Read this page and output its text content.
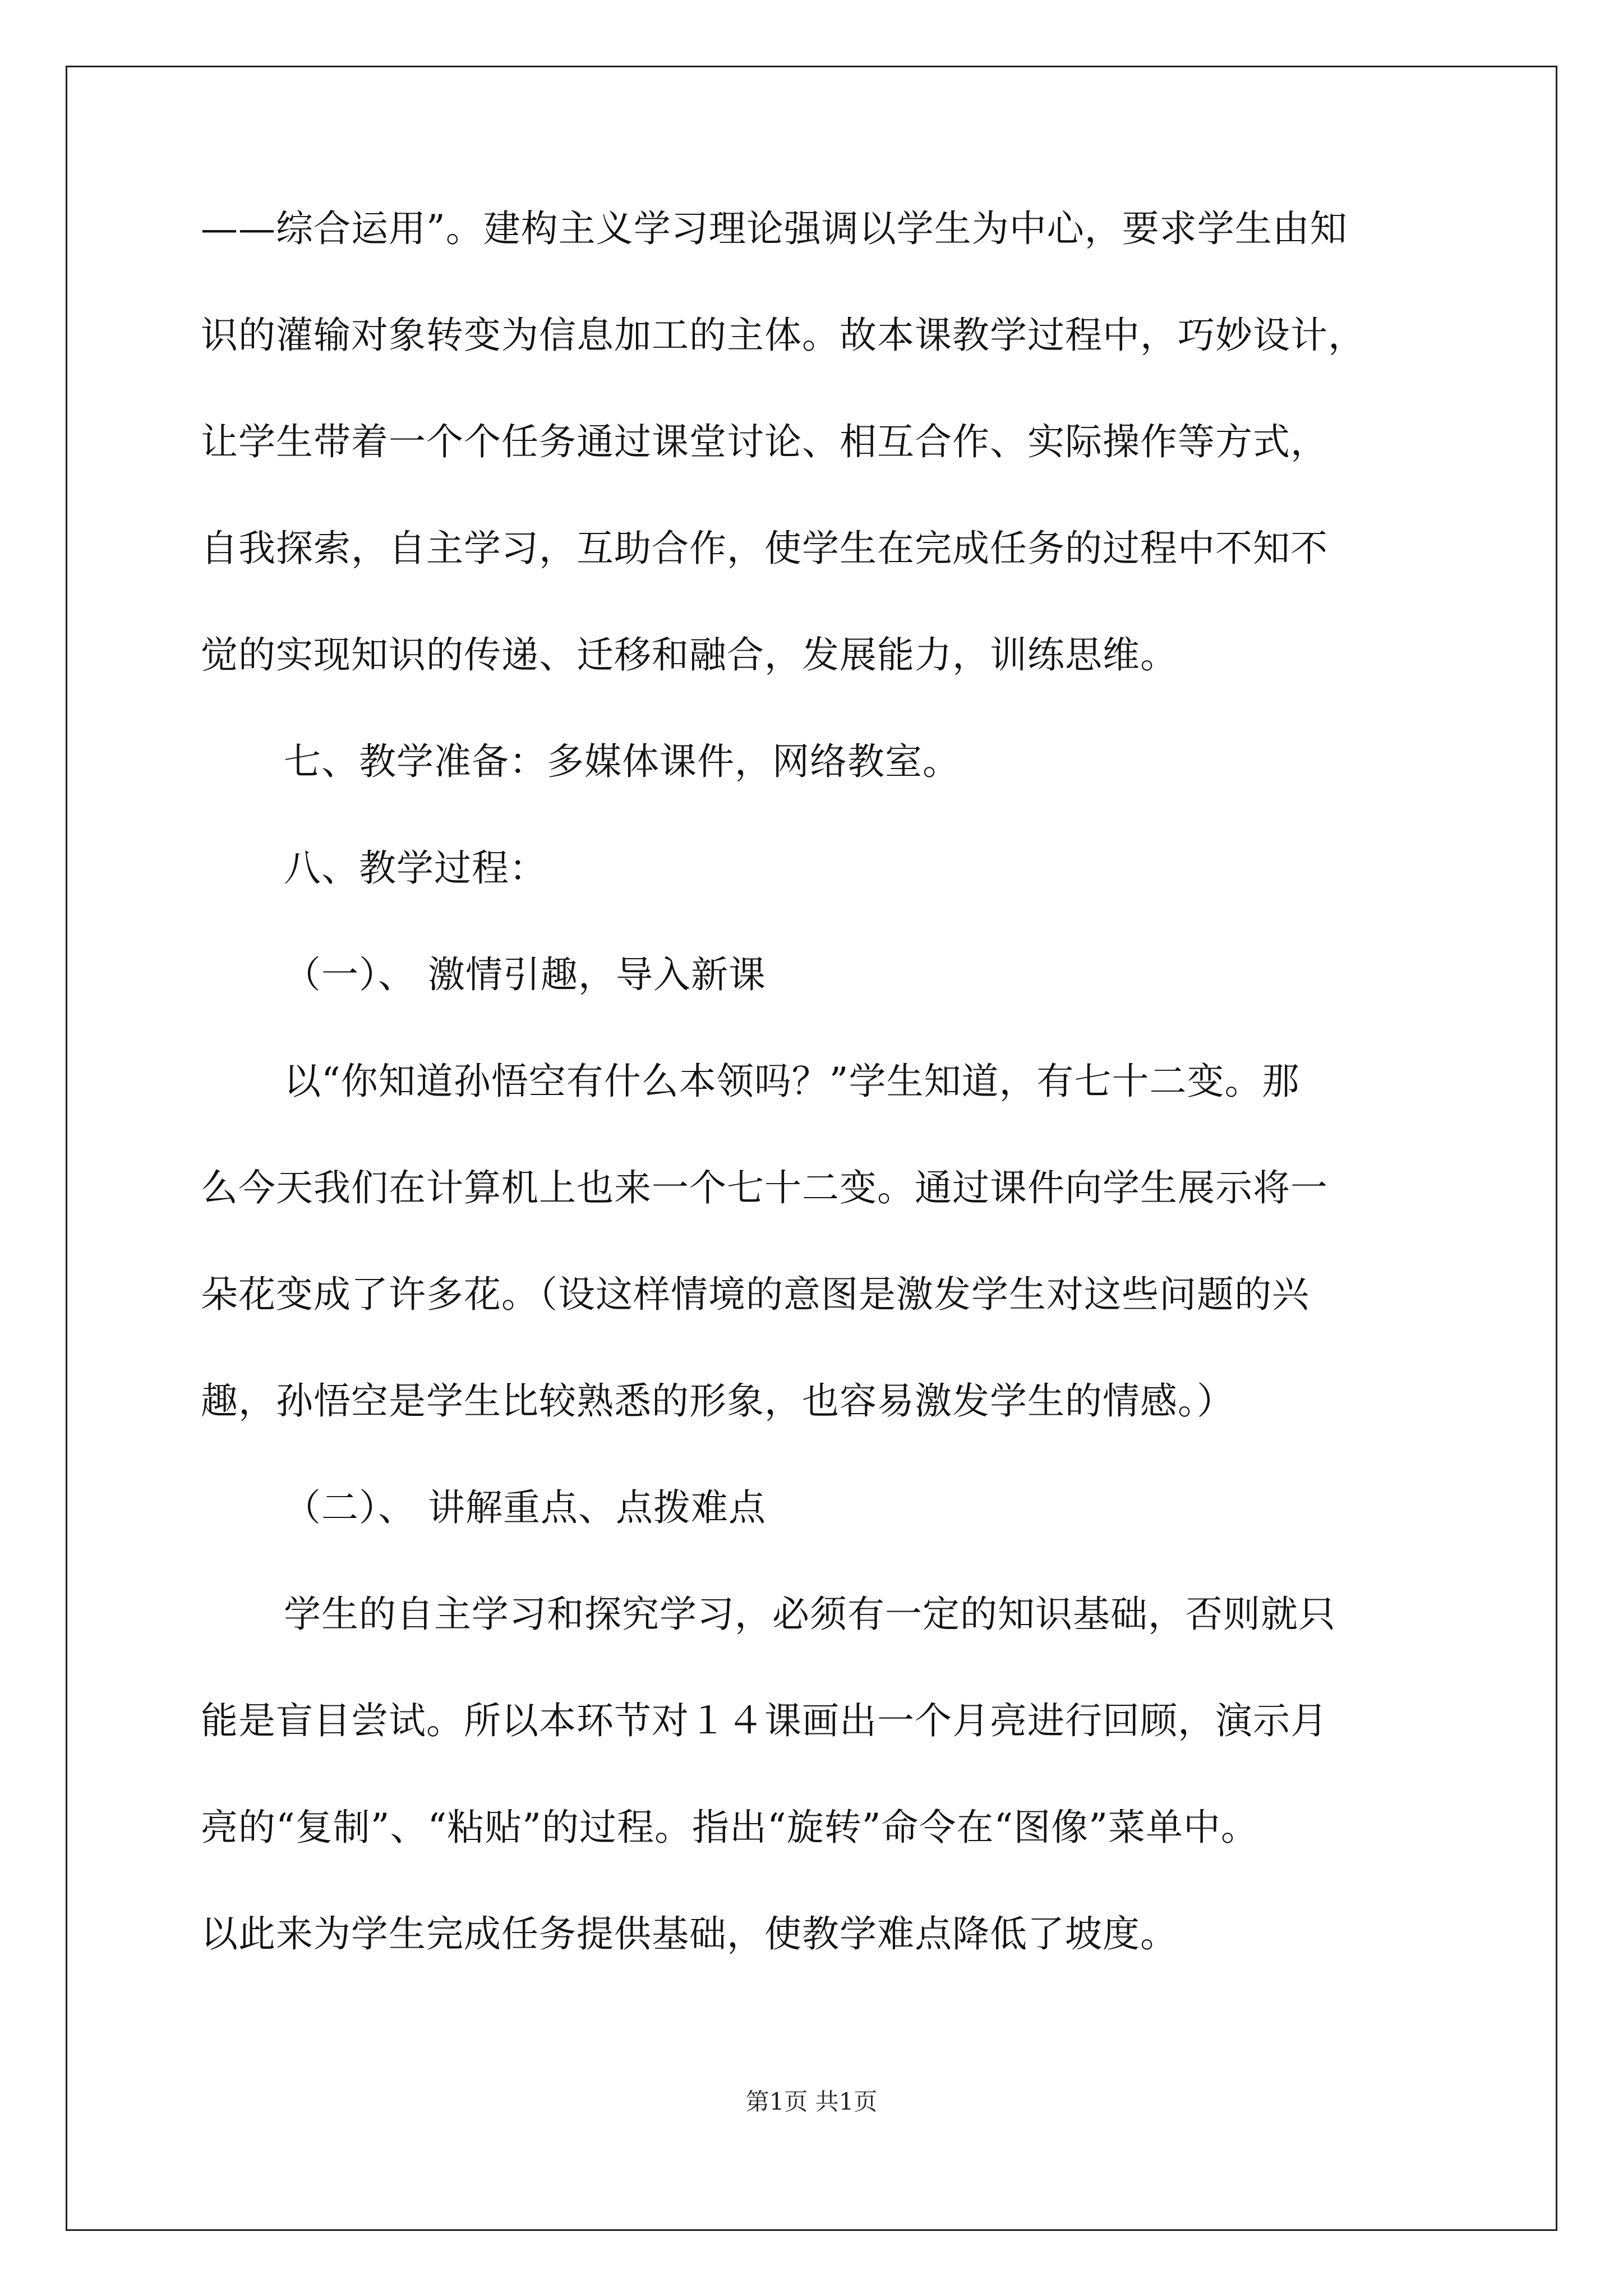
——综合运用”。建构主义学习理论强调以学生为中心，要求学生由知

识的灌输对象转变为信息加工的主体。故本课教学过程中，巧妙设计，

让学生带着一个个任务通过课堂讨论、相互合作、实际操作等方式，

自我探索，自主学习，互助合作，使学生在完成任务的过程中不知不

觉的实现知识的传递、迁移和融合，发展能力，训练思维。

七、教学准备：多媒体课件，网络教室。

八、教学过程：

（一）、 激情引趣，导入新课

以“你知道孙悟空有什么本领吗？”学生知道，有七十二变。那

么今天我们在计算机上也来一个七十二变。通过课件向学生展示将一

朵花变成了许多花。（设这样情境的意图是激发学生对这些问题的兴

趣，孙悟空是学生比较熟悉的形象，也容易激发学生的情感。）

（二）、 讲解重点、点拨难点

学生的自主学习和探究学习，必须有一定的知识基础，否则就只

能是盲目尝试。所以本环节对１４课画出一个月亮进行回顾，演示月

亮的“复制”、“粘贴”的过程。指出“旋转”命令在“图像”菜单中。

以此来为学生完成任务提供基础，使教学难点降低了坡度。

第1页 共1页
